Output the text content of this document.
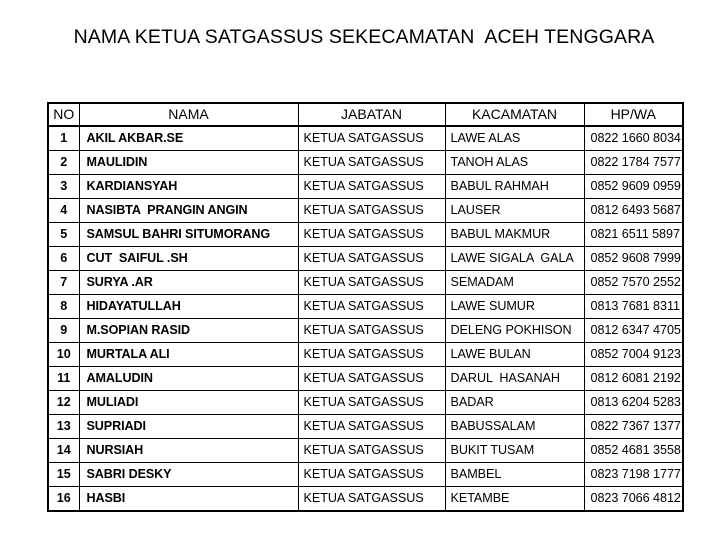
NAMA KETUA SATGASSUS SEKECAMATAN  ACEH TENGGARA
NO	NAMA	JABATAN	KACAMATAN	HP/WA
1	AKIL AKBAR.SE	KETUA SATGASSUS	LAWE ALAS	0822 1660 8034
2	MAULIDIN	KETUA SATGASSUS	TANOH ALAS	0822 1784 7577
3	KARDIANSYAH	KETUA SATGASSUS	BABUL RAHMAH	0852 9609 0959
4	NASIBTA  PRANGIN ANGIN	KETUA SATGASSUS	LAUSER	0812 6493 5687
5	SAMSUL BAHRI SITUMORANG	KETUA SATGASSUS	BABUL MAKMUR	0821 6511 5897
6	CUT  SAIFUL .SH	KETUA SATGASSUS	LAWE SIGALA  GALA	0852 9608 7999
7	SURYA .AR	KETUA SATGASSUS	SEMADAM	0852 7570 2552
8	HIDAYATULLAH	KETUA SATGASSUS	LAWE SUMUR	0813 7681 8311
9	M.SOPIAN RASID	KETUA SATGASSUS	DELENG POKHISON	0812 6347 4705
10	MURTALA ALI	KETUA SATGASSUS	LAWE BULAN	0852 7004 9123
11	AMALUDIN	KETUA SATGASSUS	DARUL  HASANAH	0812 6081 2192
12	MULIADI	KETUA SATGASSUS	BADAR	0813 6204 5283
13	SUPRIADI	KETUA SATGASSUS	BABUSSALAM	0822 7367 1377
14	NURSIAH	KETUA SATGASSUS	BUKIT TUSAM	0852 4681 3558
15	SABRI DESKY	KETUA SATGASSUS	BAMBEL	0823 7198 1777
16	HASBI	KETUA SATGASSUS	KETAMBE	0823 7066 4812
